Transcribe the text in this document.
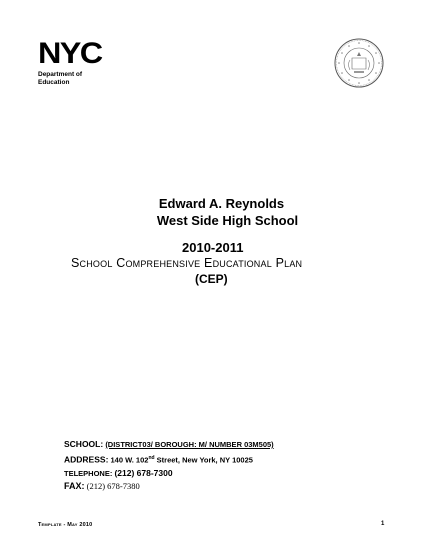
NYC
Department of
Education
Edward A. Reynolds
West Side High School
2010-2011
School Comprehensive Educational Plan
(CEP)
SCHOOL: (DISTRICT03/ BOROUGH: M/ NUMBER 03M505)
ADDRESS: 140 W. 102nd Street, New York, NY 10025
TELEPHONE: (212) 678-7300
FAX: (212) 678-7380
Template - May 2010	1
